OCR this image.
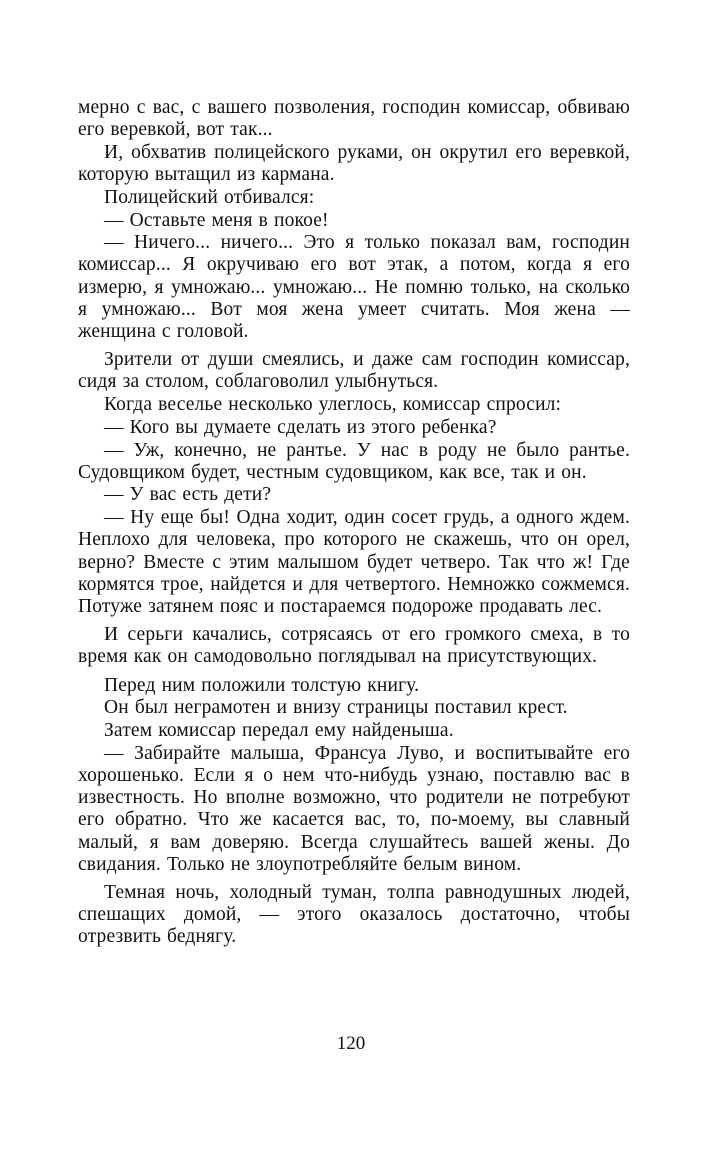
мерно с вас, с вашего позволения, господин комиссар, обвиваю его веревкой, вот так...

И, обхватив полицейского руками, он окрутил его веревкой, которую вытащил из кармана.

Полицейский отбивался:

— Оставьте меня в покое!

— Ничего... ничего... Это я только показал вам, господин комиссар... Я окручиваю его вот этак, а потом, когда я его измерю, я умножаю... умножаю... Не помню только, на сколько я умножаю... Вот моя жена умеет считать. Моя жена — женщина с головой.

Зрители от души смеялись, и даже сам господин комиссар, сидя за столом, соблаговолил улыбнуться.

Когда веселье несколько улеглось, комиссар спросил:

— Кого вы думаете сделать из этого ребенка?

— Уж, конечно, не рантье. У нас в роду не было рантье. Судовщиком будет, честным судовщиком, как все, так и он.

— У вас есть дети?

— Ну еще бы! Одна ходит, один сосет грудь, а одного ждем. Неплохо для человека, про которого не скажешь, что он орел, верно? Вместе с этим малышом будет четверо. Так что ж! Где кормятся трое, найдется и для четвертого. Немножко сожмемся. Потуже затянем пояс и постараемся подороже продавать лес.

И серьги качались, сотрясаясь от его громкого смеха, в то время как он самодовольно поглядывал на присутствующих.

Перед ним положили толстую книгу.

Он был неграмотен и внизу страницы поставил крест.

Затем комиссар передал ему найденыша.

— Забирайте малыша, Франсуа Луво, и воспитывайте его хорошенько. Если я о нем что-нибудь узнаю, поставлю вас в известность. Но вполне возможно, что родители не потребуют его обратно. Что же касается вас, то, по-моему, вы славный малый, я вам доверяю. Всегда слушайтесь вашей жены. До свидания. Только не злоупотребляйте белым вином.

Темная ночь, холодный туман, толпа равнодушных людей, спешащих домой, — этого оказалось достаточно, чтобы отрезвить беднягу.

120
